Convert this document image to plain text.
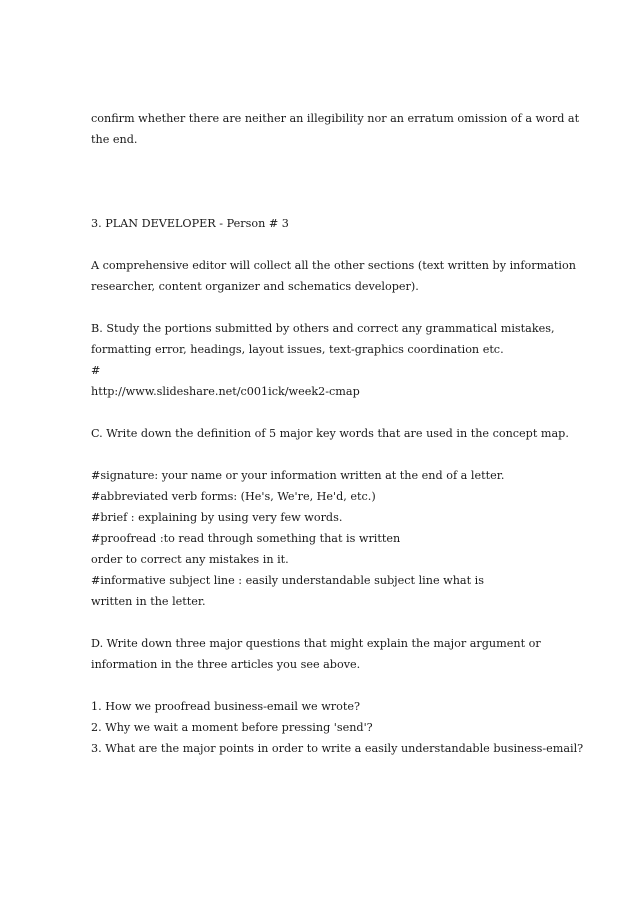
confirm whether there are neither an illegibility nor an erratum omission of a word at
the end.
3. PLAN DEVELOPER - Person # 3
A comprehensive editor will collect all the other sections (text written by information
researcher, content organizer and schematics developer).
B. Study the portions submitted by others and correct any grammatical mistakes,
formatting error, headings, layout issues, text-graphics coordination etc.
#
http://www.slideshare.net/c001ick/week2-cmap
C. Write down the definition of 5 major key words that are used in the concept map.
#signature: your name or your information written at the end of a letter.
#abbreviated verb forms: (He's, We're, He'd, etc.)
#brief : explaining by using very few words.
#proofread :to read through something that is written
order to correct any mistakes in it.
#informative subject line : easily understandable subject line what is
written in the letter.
D. Write down three major questions that might explain the major argument or
information in the three articles you see above.
1. How we proofread business-email we wrote?
2. Why we wait a moment before pressing 'send'?
3. What are the major points in order to write a easily understandable business-email?
